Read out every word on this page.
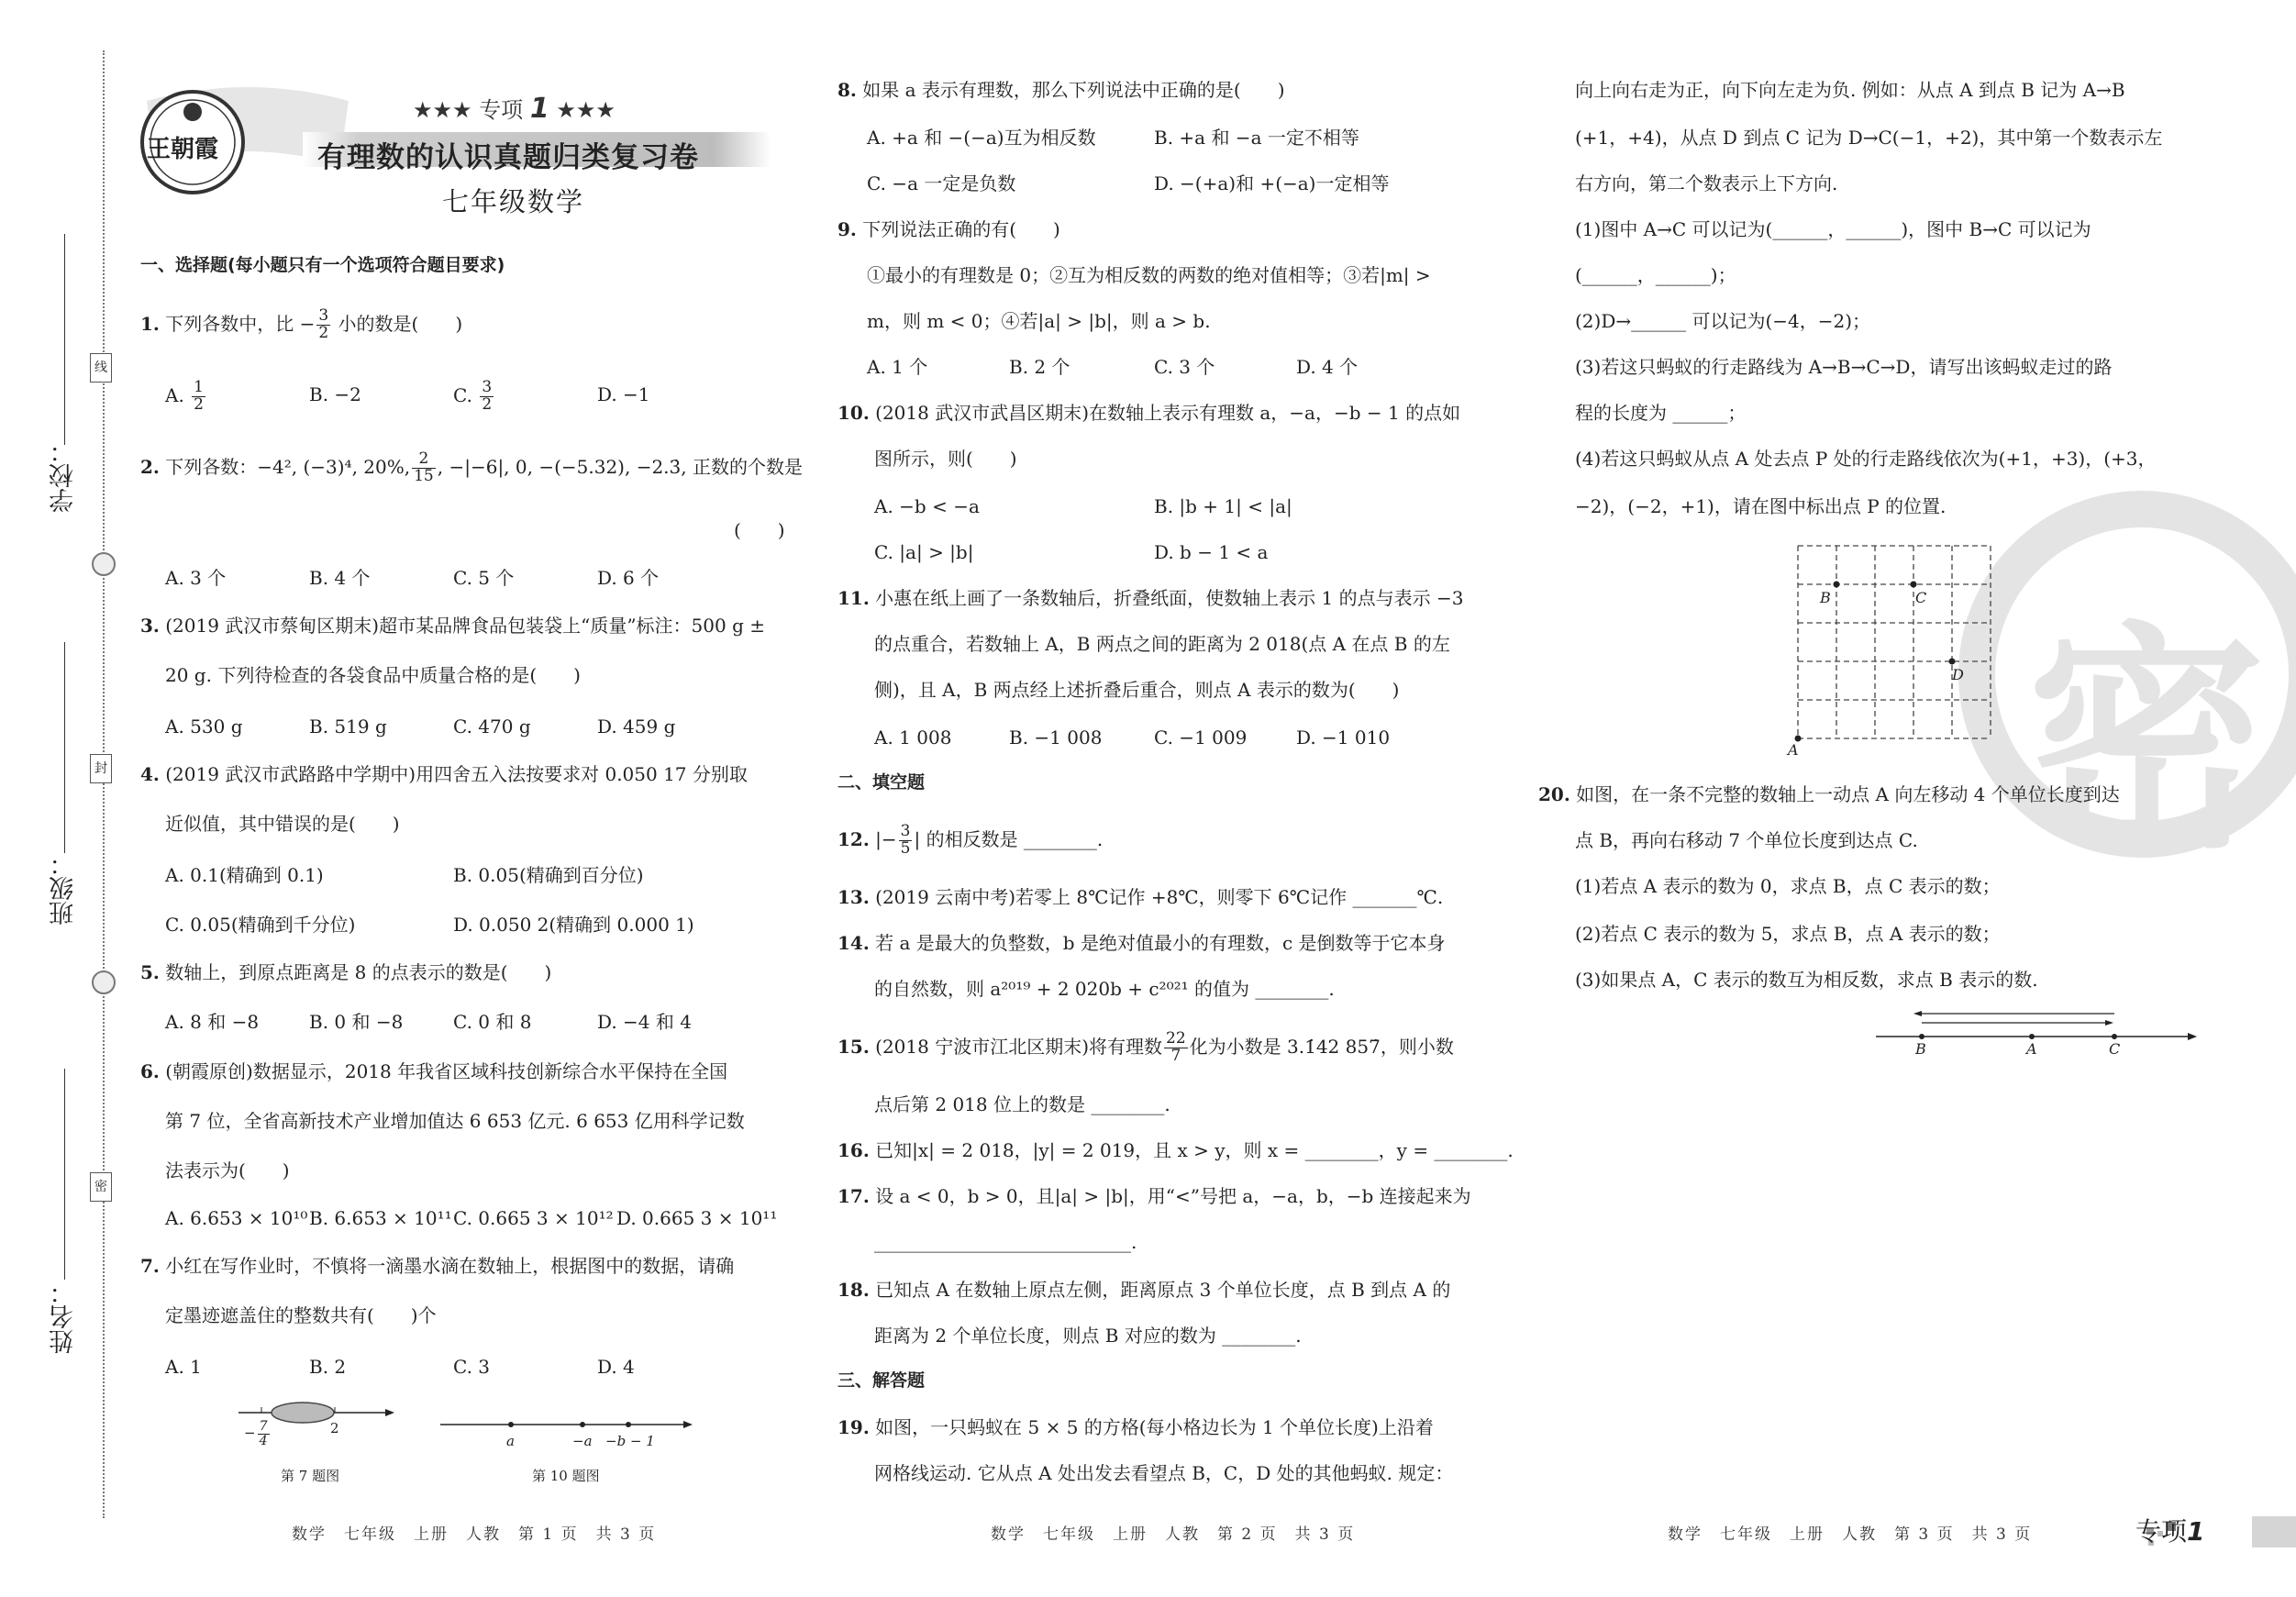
线
封
密
学校：
班级：
姓名：
王朝霞
★★★ 专项 1 ★★★
有理数的认识真题归类复习卷
七年级数学
一、选择题(每小题只有一个选项符合题目要求)
1. 下列各数中，比 − $\frac{3}{2}$ 小的数是(　　)
A. $\frac{1}{2}$	B. −2	C. $\frac{3}{2}$	D. −1
2. 下列各数：−4², (−3)⁴, 20%, $\frac{2}{15}$ , −|−6|, 0, −(−5.32), −2.3̇, 正数的个数是
(　　)
A. 3 个	B. 4 个	C. 5 个	D. 6 个
3. (2019 武汉市蔡甸区期末)超市某品牌食品包装袋上“质量”标注：500 g ±
20 g. 下列待检查的各袋食品中质量合格的是(　　)
A. 530 g	B. 519 g	C. 470 g	D. 459 g
4. (2019 武汉市武路路中学期中)用四舍五入法按要求对 0.050 17 分别取
近似值，其中错误的是(　　)
A. 0.1(精确到 0.1)	B. 0.05(精确到百分位)
C. 0.05(精确到千分位)	D. 0.050 2(精确到 0.000 1)
5. 数轴上，到原点距离是 8 的点表示的数是(　　)
A. 8 和 −8	B. 0 和 −8	C. 0 和 8	D. −4 和 4
6. (朝霞原创)数据显示，2018 年我省区域科技创新综合水平保持在全国
第 7 位，全省高新技术产业增加值达 6 653 亿元. 6 653 亿用科学记数
法表示为(　　)
A. 6.653 × 10¹⁰ B. 6.653 × 10¹¹ C. 0.665 3 × 10¹² D. 0.665 3 × 10¹¹
7. 小红在写作业时，不慎将一滴墨水滴在数轴上，根据图中的数据，请确
定墨迹遮盖住的整数共有(　　)个
A. 1	B. 2	C. 3	D. 4
− $\frac{7}{4}$	2
第 7 题图
a	−a −b − 1
第 10 题图
数学　七年级　上册　人教　第 1 页　共 3 页
8. 如果 a 表示有理数，那么下列说法中正确的是(　　)
A. +a 和 −(−a)互为相反数	B. +a 和 −a 一定不相等
C. −a 一定是负数	D. −(+a)和 +(−a)一定相等
9. 下列说法正确的有(　　)
①最小的有理数是 0；②互为相反数的两数的绝对值相等；③若|m| >
m，则 m < 0；④若|a| > |b|，则 a > b.
A. 1 个	B. 2 个	C. 3 个	D. 4 个
10. (2018 武汉市武昌区期末)在数轴上表示有理数 a，−a，−b − 1 的点如
图所示，则(　　)
A. −b < −a	B. |b + 1| < |a|
C. |a| > |b|	D. b − 1 < a
11. 小惠在纸上画了一条数轴后，折叠纸面，使数轴上表示 1 的点与表示 −3
的点重合，若数轴上 A，B 两点之间的距离为 2 018(点 A 在点 B 的左
侧)，且 A，B 两点经上述折叠后重合，则点 A 表示的数为(　　)
A. 1 008	B. −1 008	C. −1 009	D. −1 010
二、填空题
12. |− $\frac{3}{5}$ | 的相反数是 ________.
13. (2019 云南中考)若零上 8℃记作 +8℃，则零下 6℃记作 _______℃.
14. 若 a 是最大的负整数，b 是绝对值最小的有理数，c 是倒数等于它本身
的自然数，则 a²⁰¹⁹ + 2 020b + c²⁰²¹ 的值为 ________.
15. (2018 宁波市江北区期末)将有理数 $\frac{22}{7}$ 化为小数是 3.1̇42 857̇，则小数
点后第 2 018 位上的数是 ________.
16. 已知|x| = 2 018，|y| = 2 019，且 x > y，则 x = ________，y = ________.
17. 设 a < 0，b > 0，且|a| > |b|，用“<”号把 a，−a，b，−b 连接起来为
____________________________.
18. 已知点 A 在数轴上原点左侧，距离原点 3 个单位长度，点 B 到点 A 的
距离为 2 个单位长度，则点 B 对应的数为 ________.
三、解答题
19. 如图，一只蚂蚁在 5 × 5 的方格(每小格边长为 1 个单位长度)上沿着
网格线运动. 它从点 A 处出发去看望点 B，C，D 处的其他蚂蚁. 规定：
数学　七年级　上册　人教　第 2 页　共 3 页
密
向上向右走为正，向下向左走为负. 例如：从点 A 到点 B 记为 A→B
(+1，+4)，从点 D 到点 C 记为 D→C(−1，+2)，其中第一个数表示左
右方向，第二个数表示上下方向.
(1)图中 A→C 可以记为(______，______)，图中 B→C 可以记为
(______，______)；
(2)D→______ 可以记为(−4，−2)；
(3)若这只蚂蚁的行走路线为 A→B→C→D，请写出该蚂蚁走过的路
程的长度为 ______；
(4)若这只蚂蚁从点 A 处去点 P 处的行走路线依次为(+1，+3)，(+3，
−2)，(−2，+1)，请在图中标出点 P 的位置.
A
B	C
D
20. 如图，在一条不完整的数轴上一动点 A 向左移动 4 个单位长度到达
点 B，再向右移动 7 个单位长度到达点 C.
(1)若点 A 表示的数为 0，求点 B，点 C 表示的数；
(2)若点 C 表示的数为 5，求点 B，点 A 表示的数；
(3)如果点 A，C 表示的数互为相反数，求点 B 表示的数.
B	A	C
数学　七年级　上册　人教　第 3 页　共 3 页	专项1
